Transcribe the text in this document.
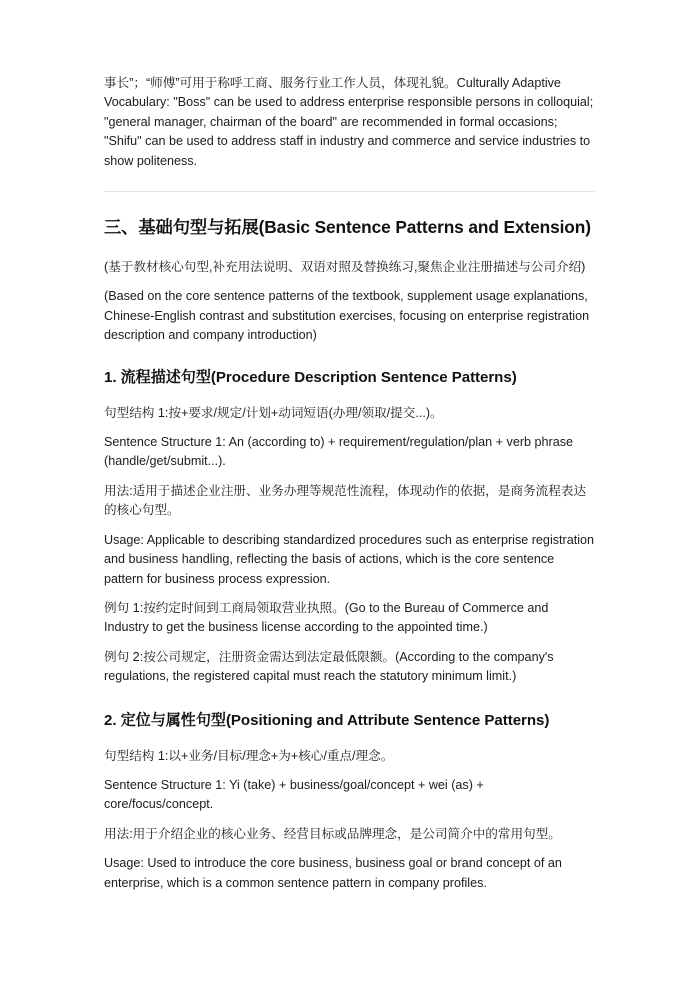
事长”；“师傅”可用于称呼工商、服务行业工作人员，体现礼貌。Culturally Adaptive Vocabulary: "Boss" can be used to address enterprise responsible persons in colloquial; "general manager, chairman of the board" are recommended in formal occasions; "Shifu" can be used to address staff in industry and commerce and service industries to show politeness.

三、基础句型与拓展(Basic Sentence Patterns and Extension)

(基于教材核心句型,补充用法说明、双语对照及替换练习,聚焦企业注册描述与公司介绍)

(Based on the core sentence patterns of the textbook, supplement usage explanations, Chinese-English contrast and substitution exercises, focusing on enterprise registration description and company introduction)

1. 流程描述句型(Procedure Description Sentence Patterns)

句型结构 1:按+要求/规定/计划+动词短语(办理/领取/提交...)。

Sentence Structure 1: An (according to) + requirement/regulation/plan + verb phrase (handle/get/submit...).

用法:适用于描述企业注册、业务办理等规范性流程，体现动作的依据，是商务流程表达的核心句型。

Usage: Applicable to describing standardized procedures such as enterprise registration and business handling, reflecting the basis of actions, which is the core sentence pattern for business process expression.

例句 1:按约定时间到工商局领取营业执照。(Go to the Bureau of Commerce and Industry to get the business license according to the appointed time.)

例句 2:按公司规定，注册资金需达到法定最低限额。(According to the company's regulations, the registered capital must reach the statutory minimum limit.)

2. 定位与属性句型(Positioning and Attribute Sentence Patterns)

句型结构 1:以+业务/目标/理念+为+核心/重点/理念。

Sentence Structure 1: Yi (take) + business/goal/concept + wei (as) + core/focus/concept.

用法:用于介绍企业的核心业务、经营目标或品牌理念，是公司简介中的常用句型。

Usage: Used to introduce the core business, business goal or brand concept of an enterprise, which is a common sentence pattern in company profiles.
